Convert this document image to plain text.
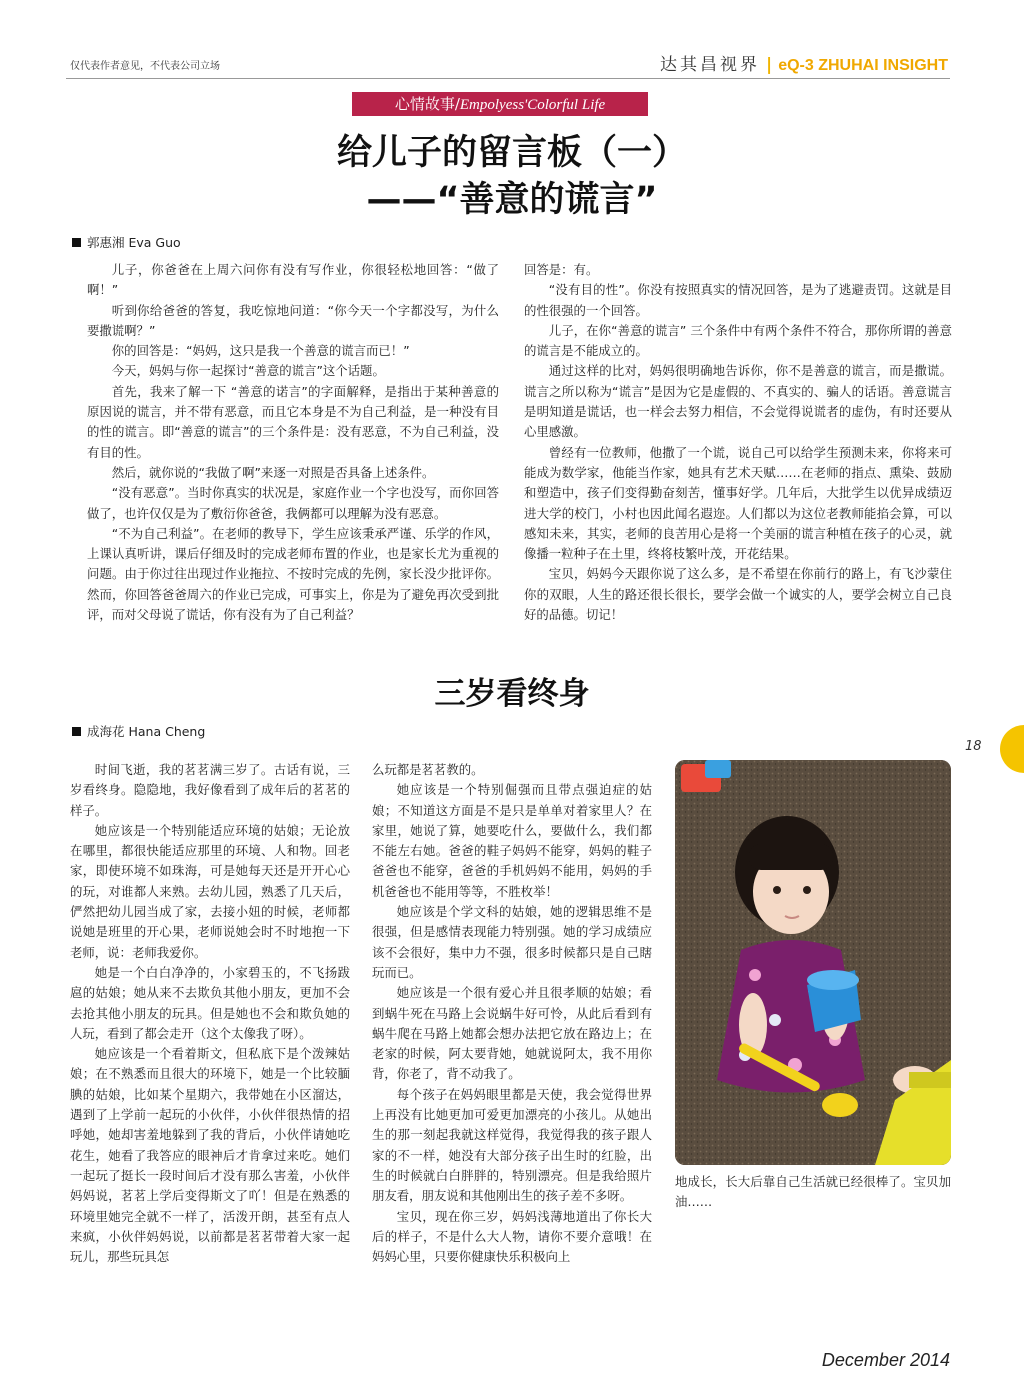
仅代表作者意见，不代表公司立场	达其昌视界 | eQ-3 ZHUHAI INSIGHT
心情故事/Empolyess'Colorful Life
给儿子的留言板（一）
——“善意的谎言”
郭惠湘 Eva Guo

儿子，你爸爸在上周六问你有没有写作业，你很轻松地回答：“做了啊！”

听到你给爸爸的答复，我吃惊地问道：“你今天一个字都没写，为什么要撒谎啊？”

你的回答是：“妈妈，这只是我一个善意的谎言而已！”

今天，妈妈与你一起探讨“善意的谎言”这个话题。

首先，我来了解一下 “善意的诺言”的字面解释，是指出于某种善意的原因说的谎言，并不带有恶意，而且它本身是不为自己利益，是一种没有目的性的谎言。即“善意的谎言”的三个条件是：没有恶意，不为自己利益，没有目的性。

然后，就你说的“我做了啊”来逐一对照是否具备上述条件。

“没有恶意”。当时你真实的状况是，家庭作业一个字也没写，而你回答做了，也许仅仅是为了敷衍你爸爸，我俩都可以理解为没有恶意。

“不为自己利益”。在老师的教导下，学生应该秉承严谨、乐学的作风，上课认真听讲，课后仔细及时的完成老师布置的作业，也是家长尤为重视的问题。由于你过往出现过作业拖拉、不按时完成的先例，家长没少批评你。然而，你回答爸爸周六的作业已完成，可事实上，你是为了避免再次受到批评，而对父母说了谎话，你有没有为了自己利益？

回答是：有。

“没有目的性”。你没有按照真实的情况回答，是为了逃避责罚。这就是目的性很强的一个回答。

儿子，在你“善意的谎言” 三个条件中有两个条件不符合，那你所谓的善意的谎言是不能成立的。

通过这样的比对，妈妈很明确地告诉你，你不是善意的谎言，而是撒谎。谎言之所以称为“谎言”是因为它是虚假的、不真实的、骗人的话语。善意谎言是明知道是谎话，也一样会去努力相信，不会觉得说谎者的虚伪，有时还要从心里感激。

曾经有一位教师，他撒了一个谎，说自己可以给学生预测未来，你将来可能成为数学家，他能当作家，她具有艺术天赋……在老师的指点、熏染、鼓励和塑造中，孩子们变得勤奋刻苦，懂事好学。几年后，大批学生以优异成绩迈进大学的校门，小村也因此闻名遐迩。人们都以为这位老教师能掐会算，可以感知未来，其实，老师的良苦用心是将一个美丽的谎言种植在孩子的心灵，就像播一粒种子在土里，终将枝繁叶茂，开花结果。

宝贝，妈妈今天跟你说了这么多，是不希望在你前行的路上，有飞沙蒙住你的双眼，人生的路还很长很长，要学会做一个诚实的人，要学会树立自己良好的品德。切记！

三岁看终身
成海花 Hana Cheng
18

时间飞逝，我的茗茗满三岁了。古话有说，三岁看终身。隐隐地，我好像看到了成年后的茗茗的样子。

她应该是一个特别能适应环境的姑娘；无论放在哪里，都很快能适应那里的环境、人和物。回老家，即使环境不如珠海，可是她每天还是开开心心的玩，对谁都人来熟。去幼儿园，熟悉了几天后，俨然把幼儿园当成了家，去接小妞的时候，老师都说她是班里的开心果，老师说她会时不时地抱一下老师，说：老师我爱你。

她是一个白白净净的，小家碧玉的，不飞扬跋扈的姑娘；她从来不去欺负其他小朋友，更加不会去抢其他小朋友的玩具。但是她也不会和欺负她的人玩，看到了都会走开（这个太像我了呀）。

她应该是一个看着斯文，但私底下是个泼辣姑娘；在不熟悉而且很大的环境下，她是一个比较腼腆的姑娘，比如某个星期六，我带她在小区溜达，遇到了上学前一起玩的小伙伴，小伙伴很热情的招呼她，她却害羞地躲到了我的背后，小伙伴请她吃花生，她看了我答应的眼神后才肯拿过来吃。她们一起玩了挺长一段时间后才没有那么害羞，小伙伴妈妈说，茗茗上学后变得斯文了吖！但是在熟悉的环境里她完全就不一样了，活泼开朗，甚至有点人来疯，小伙伴妈妈说，以前都是茗茗带着大家一起玩儿，那些玩具怎

么玩都是茗茗教的。

她应该是一个特别倔强而且带点强迫症的姑娘；不知道这方面是不是只是单单对着家里人？在家里，她说了算，她要吃什么，要做什么，我们都不能左右她。爸爸的鞋子妈妈不能穿，妈妈的鞋子爸爸也不能穿，爸爸的手机妈妈不能用，妈妈的手机爸爸也不能用等等，不胜枚举！

她应该是个学文科的姑娘，她的逻辑思维不是很强，但是感情表现能力特别强。她的学习成绩应该不会很好，集中力不强，很多时候都只是自己瞎玩而已。

她应该是一个很有爱心并且很孝顺的姑娘；看到蜗牛死在马路上会说蜗牛好可怜，从此后看到有蜗牛爬在马路上她都会想办法把它放在路边上；在老家的时候，阿太要背她，她就说阿太，我不用你背，你老了，背不动我了。

每个孩子在妈妈眼里都是天使，我会觉得世界上再没有比她更加可爱更加漂亮的小孩儿。从她出生的那一刻起我就这样觉得，我觉得我的孩子跟人家的不一样，她没有大部分孩子出生时的红脸，出生的时候就白白胖胖的，特别漂亮。但是我给照片朋友看，朋友说和其他刚出生的孩子差不多呀。

宝贝，现在你三岁，妈妈浅薄地道出了你长大后的样子，不是什么大人物，请你不要介意哦！在妈妈心里，只要你健康快乐积极向上

地成长，长大后靠自己生活就已经很棒了。宝贝加油……

December 2014
